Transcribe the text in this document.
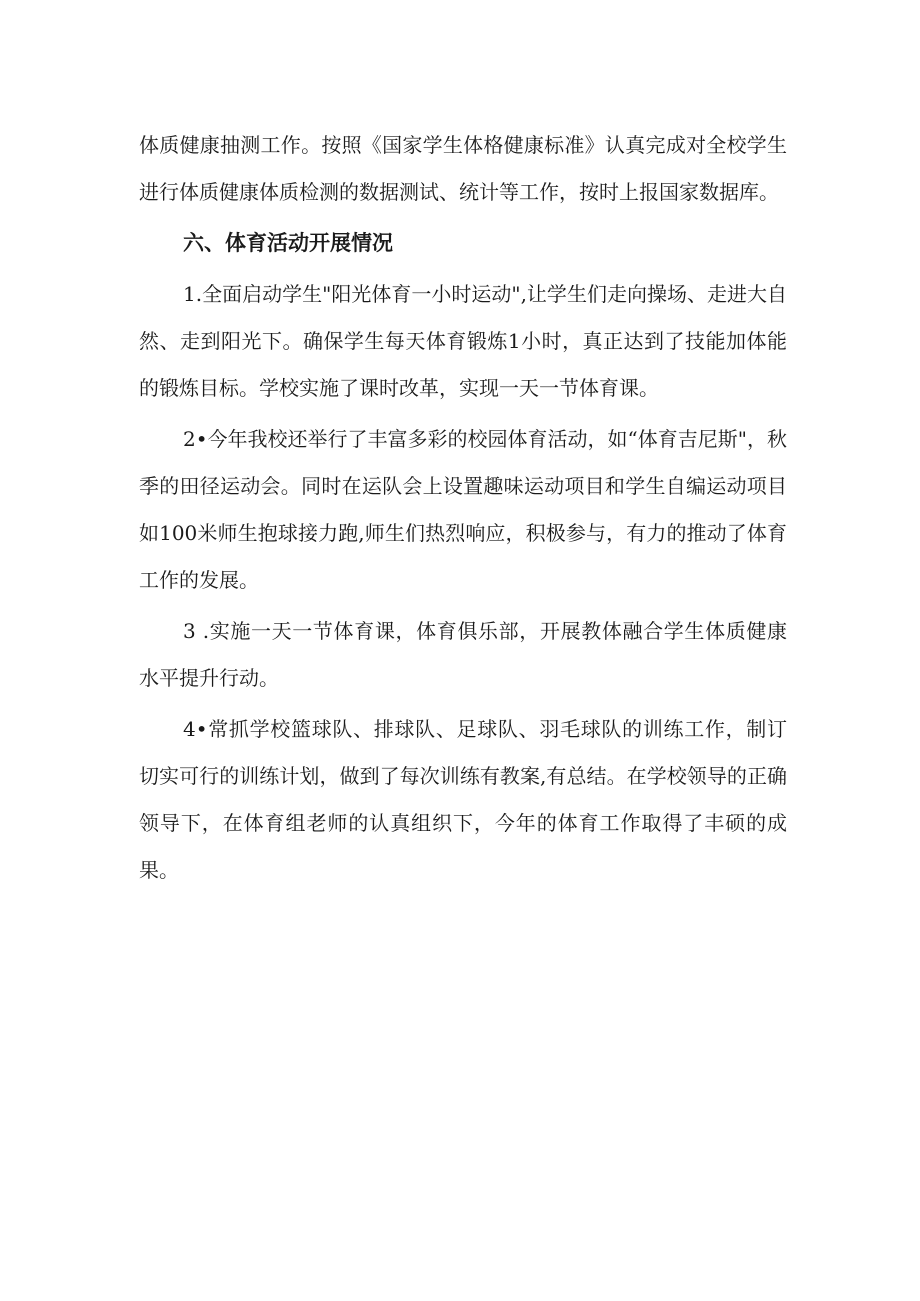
体质健康抽测工作。按照《国家学生体格健康标准》认真完成对全校学生进行体质健康体质检测的数据测试、统计等工作，按时上报国家数据库。

六、体育活动开展情况

1.全面启动学生"阳光体育一小时运动",让学生们走向操场、走进大自然、走到阳光下。确保学生每天体育锻炼1小时，真正达到了技能加体能的锻炼目标。学校实施了课时改革，实现一天一节体育课。

2•今年我校还举行了丰富多彩的校园体育活动，如“体育吉尼斯"，秋季的田径运动会。同时在运队会上设置趣味运动项目和学生自编运动项目如100米师生抱球接力跑,师生们热烈响应，积极参与，有力的推动了体育工作的发展。

3 .实施一天一节体育课，体育俱乐部，开展教体融合学生体质健康水平提升行动。

4•常抓学校篮球队、排球队、足球队、羽毛球队的训练工作，制订切实可行的训练计划，做到了每次训练有教案,有总结。在学校领导的正确领导下，在体育组老师的认真组织下，今年的体育工作取得了丰硕的成果。
